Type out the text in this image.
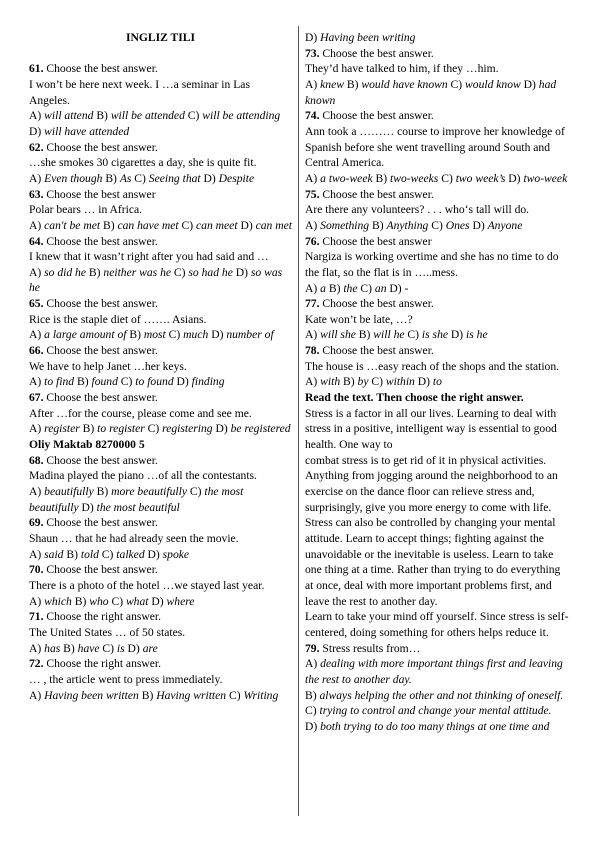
INGLIZ TILI

61. Choose the best answer.

I won’t be here next week. I …a seminar in Las Angeles.

A) will attend B) will be attended C) will be attending D) will have attended

62. Choose the best answer.

…she smokes 30 cigarettes a day, she is quite fit.

A) Even though B) As C) Seeing that D) Despite

63. Choose the best answer

Polar bears … in Africa.

A) can't be met B) can have met C) can meet D) can met

64. Choose the best answer.

I knew that it wasn’t right after you had said and …

A) so did he B) neither was he C) so had he D) so was he

65. Choose the best answer.

Rice is the staple diet of ……. Asians.

A) a large amount of B) most C) much D) number of

66. Choose the best answer.

We have to help Janet …her keys.

A) to find B) found C) to found D) finding

67. Choose the best answer.

After …for the course, please come and see me.

A) register B) to register C) registering D) be registered

Oliy Maktab 8270000 5

68. Choose the best answer.

Madina played the piano …of all the contestants.

A) beautifully B) more beautifully C) the most beautifully D) the most beautiful

69. Choose the best answer.

Shaun … that he had already seen the movie.

A) said B) told C) talked D) spoke

70. Choose the best answer.

There is a photo of the hotel …we stayed last year.

A) which B) who C) what D) where

71. Choose the right answer.

The United States … of 50 states.

A) has B) have C) is D) are

72. Choose the right answer.

… , the article went to press immediately.

A) Having been written B) Having written C) Writing

D) Having been writing

73. Choose the best answer.

They’d have talked to him, if they …him.

A) knew B) would have known C) would know D) had known

74. Choose the best answer.

Ann took a ……… course to improve her knowledge of Spanish before she went travelling around South and Central America.

A) a two-week B) two-weeks C) two week’s D) two-week

75. Choose the best answer.

Are there any volunteers? . . . who‘s tall will do.

A) Something B) Anything C) Ones D) Anyone

76. Choose the best answer

Nargiza is working overtime and she has no time to do the flat, so the flat is in …..mess.

A) a B) the C) an D) -

77. Choose the best answer.

Kate won’t be late, …?

A) will she B) will he C) is she D) is he

78. Choose the best answer.

The house is …easy reach of the shops and the station.

A) with B) by C) within D) to

Read the text. Then choose the right answer.

Stress is a factor in all our lives. Learning to deal with stress in a positive, intelligent way is essential to good health. One way to

combat stress is to get rid of it in physical activities. Anything from jogging around the neighborhood to an exercise on the dance floor can relieve stress and, surprisingly, give you more energy to come with life. Stress can also be controlled by changing your mental attitude. Learn to accept things; fighting against the unavoidable or the inevitable is useless. Learn to take one thing at a time. Rather than trying to do everything at once, deal with more important problems first, and leave the rest to another day.

Learn to take your mind off yourself. Since stress is self-centered, doing something for others helps reduce it.

79. Stress results from…

A) dealing with more important things first and leaving the rest to another day.

B) always helping the other and not thinking of oneself.

C) trying to control and change your mental attitude.

D) both trying to do too many things at one time and
